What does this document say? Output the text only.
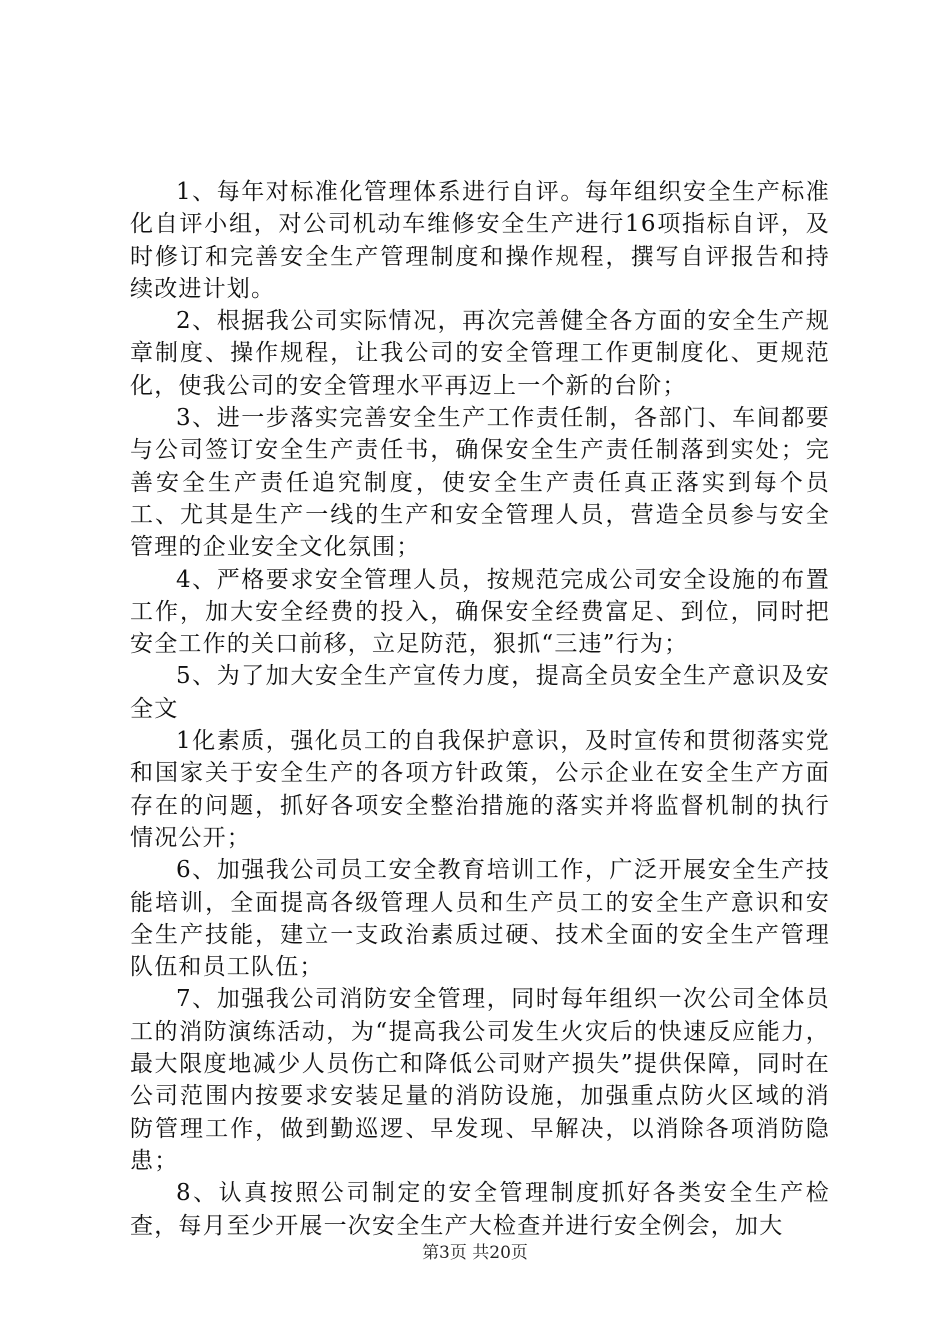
1、每年对标准化管理体系进行自评。每年组织安全生产标准化自评小组，对公司机动车维修安全生产进行16项指标自评，及时修订和完善安全生产管理制度和操作规程，撰写自评报告和持续改进计划。

2、根据我公司实际情况，再次完善健全各方面的安全生产规章制度、操作规程，让我公司的安全管理工作更制度化、更规范化，使我公司的安全管理水平再迈上一个新的台阶；

3、进一步落实完善安全生产工作责任制，各部门、车间都要与公司签订安全生产责任书，确保安全生产责任制落到实处；完善安全生产责任追究制度，使安全生产责任真正落实到每个员工、尤其是生产一线的生产和安全管理人员，营造全员参与安全管理的企业安全文化氛围；

4、严格要求安全管理人员，按规范完成公司安全设施的布置工作，加大安全经费的投入，确保安全经费富足、到位，同时把安全工作的关口前移，立足防范，狠抓“三违”行为；

5、为了加大安全生产宣传力度，提高全员安全生产意识及安全文

1化素质，强化员工的自我保护意识，及时宣传和贯彻落实党和国家关于安全生产的各项方针政策，公示企业在安全生产方面存在的问题，抓好各项安全整治措施的落实并将监督机制的执行情况公开；

6、加强我公司员工安全教育培训工作，广泛开展安全生产技能培训，全面提高各级管理人员和生产员工的安全生产意识和安全生产技能，建立一支政治素质过硬、技术全面的安全生产管理队伍和员工队伍；

7、加强我公司消防安全管理，同时每年组织一次公司全体员工的消防演练活动，为“提高我公司发生火灾后的快速反应能力，最大限度地减少人员伤亡和降低公司财产损失”提供保障，同时在公司范围内按要求安装足量的消防设施，加强重点防火区域的消防管理工作，做到勤巡逻、早发现、早解决，以消除各项消防隐患；

8、认真按照公司制定的安全管理制度抓好各类安全生产检查，每月至少开展一次安全生产大检查并进行安全例会，加大

第3页 共20页
